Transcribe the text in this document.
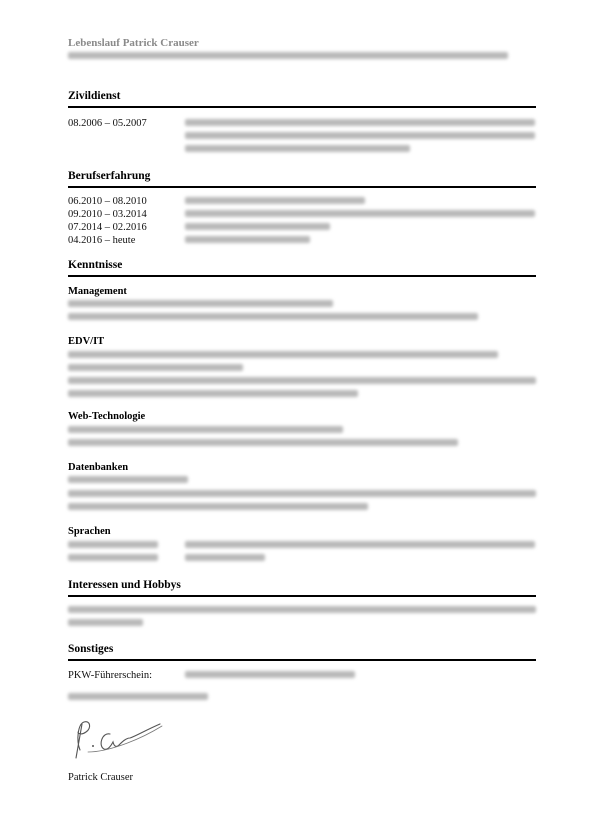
Lebenslauf Patrick Crauser
Zivildienst
08.2006 – 05.2007
Berufserfahrung
06.2010 – 08.2010
09.2010 – 03.2014
07.2014 – 02.2016
04.2016 – heute
Kenntnisse
Management
EDV/IT
Web-Technologie
Datenbanken
Sprachen
Interessen und Hobbys
Sonstiges
PKW-Führerschein:
Patrick Crauser
